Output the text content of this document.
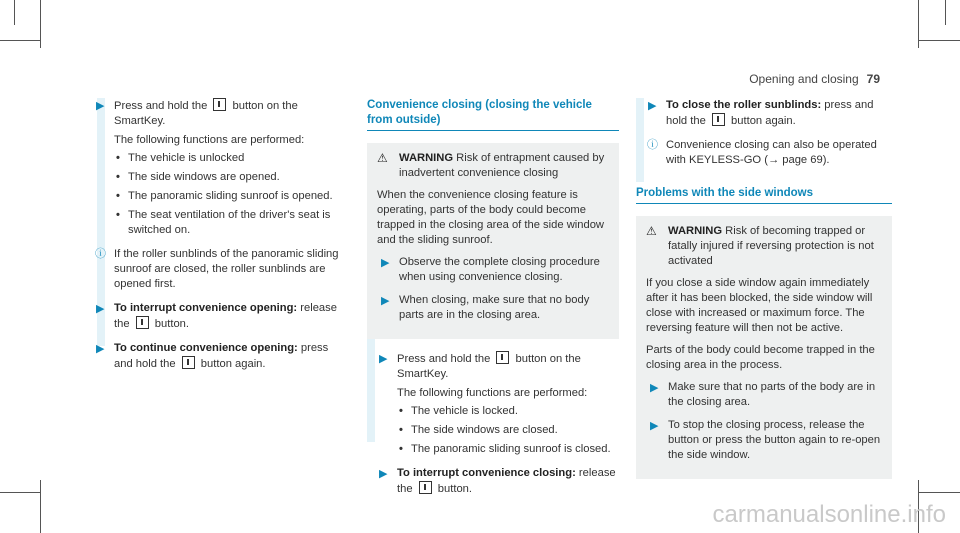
Opening and closing 79
▶ Press and hold the  button on the SmartKey.

The following functions are performed:

• The vehicle is unlocked
• The side windows are opened.
• The panoramic sliding sunroof is opened.
• The seat ventilation of the driver's seat is switched on.
ⓘ If the roller sunblinds of the panoramic sliding sunroof are closed, the roller sunblinds are opened first.
▶ To interrupt convenience opening: release the  button.

▶ To continue convenience opening: press and hold the  button again.

Convenience closing (closing the vehicle from outside)
⚠ WARNING Risk of entrapment caused by inadvertent convenience closing

When the convenience closing feature is operating, parts of the body could become trapped in the closing area of the side window and the sliding sunroof.

▶ Observe the complete closing procedure when using convenience closing.

▶ When closing, make sure that no body parts are in the closing area.

▶ Press and hold the  button on the SmartKey.

The following functions are performed:

• The vehicle is locked.
• The side windows are closed.
• The panoramic sliding sunroof is closed.
▶ To interrupt convenience closing: release the  button.

▶ To close the roller sunblinds: press and hold the  button again.

ⓘ Convenience closing can also be operated with KEYLESS-GO (→ page 69).
Problems with the side windows
⚠ WARNING Risk of becoming trapped or fatally injured if reversing protection is not activated

If you close a side window again immediately after it has been blocked, the side window will close with increased or maximum force. The reversing feature will then not be active.

Parts of the body could become trapped in the closing area in the process.

▶ Make sure that no parts of the body are in the closing area.

▶ To stop the closing process, release the button or press the button again to re-open the side window.

carmanualsonline.info
